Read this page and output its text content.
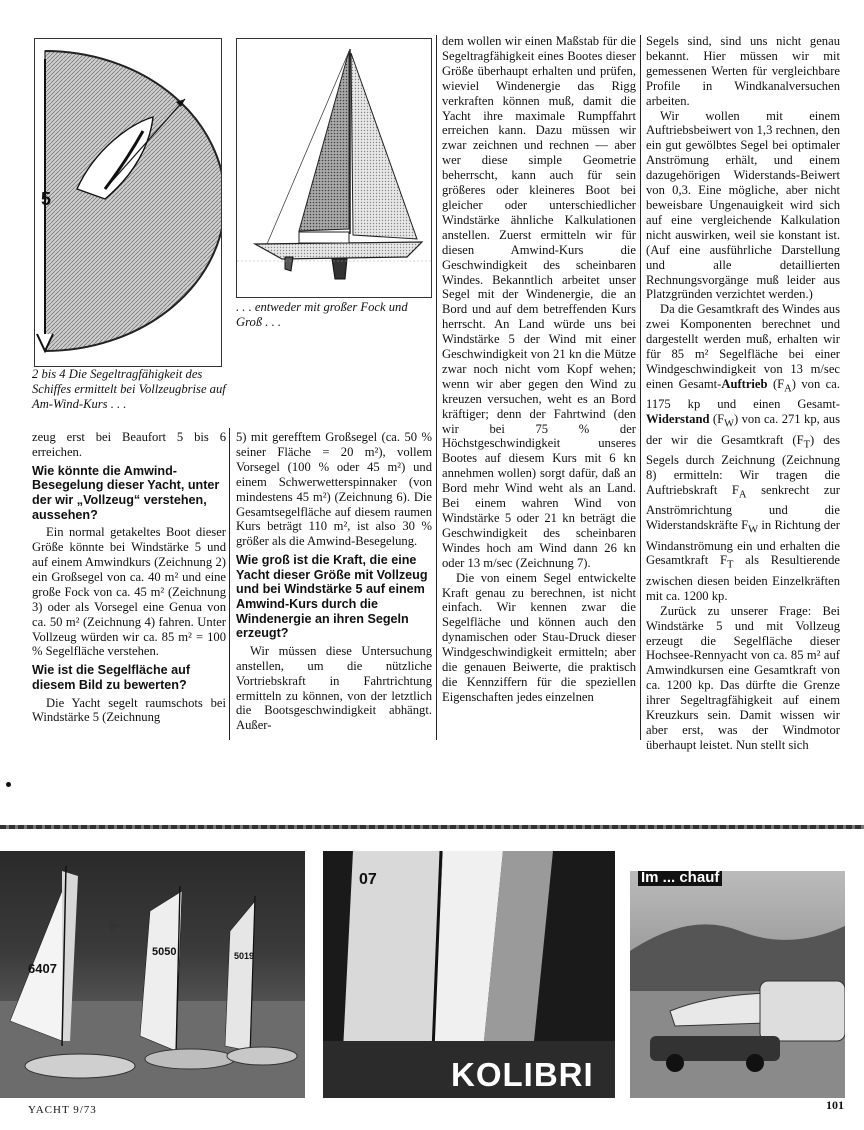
5
2 bis 4 Die Segeltragfähigkeit des Schiffes ermittelt bei Vollzeugbrise auf Am-Wind-Kurs . . .
. . . entweder mit großer Fock und Groß . . .

zeug erst bei Beaufort 5 bis 6 erreichen.

Wie könnte die Amwind-Besegelung dieser Yacht, unter der wir „Vollzeug“ verstehen, aussehen?

Ein normal getakeltes Boot dieser Größe könnte bei Windstärke 5 und auf einem Amwindkurs (Zeichnung 2) ein Großsegel von ca. 40 m² und eine große Fock von ca. 45 m² (Zeichnung 3) oder als Vorsegel eine Genua von ca. 50 m² (Zeichnung 4) fahren. Unter Vollzeug würden wir ca. 85 m² = 100 % Segelfläche verstehen.

Wie ist die Segelfläche auf diesem Bild zu bewerten?

Die Yacht segelt raumschots bei Windstärke 5 (Zeichnung

5) mit gerefftem Großsegel (ca. 50 % seiner Fläche = 20 m²), vollem Vorsegel (100 % oder 45 m²) und einem Schwerwetterspinnaker (von mindestens 45 m²) (Zeichnung 6). Die Gesamtsegelfläche auf diesem raumen Kurs beträgt 110 m², ist also 30 % größer als die Amwind-Besegelung.

Wie groß ist die Kraft, die eine Yacht dieser Größe mit Vollzeug und bei Windstärke 5 auf einem Amwind-Kurs durch die Windenergie an ihren Segeln erzeugt?

Wir müssen diese Untersuchung anstellen, um die nützliche Vortriebskraft in Fahrtrichtung ermitteln zu können, von der letztlich die Bootsgeschwindigkeit abhängt. Außer-

dem wollen wir einen Maßstab für die Segeltragfähigkeit eines Bootes dieser Größe überhaupt erhalten und prüfen, wieviel Windenergie das Rigg verkraften können muß, damit die Yacht ihre maximale Rumpffahrt erreichen kann. Dazu müssen wir zwar zeichnen und rechnen — aber wer diese simple Geometrie beherrscht, kann auch für sein größeres oder kleineres Boot bei gleicher oder unterschiedlicher Windstärke ähnliche Kalkulationen anstellen. Zuerst ermitteln wir für diesen Amwind-Kurs die Geschwindigkeit des scheinbaren Windes. Bekanntlich arbeitet unser Segel mit der Windenergie, die an Bord und auf dem betreffenden Kurs herrscht. An Land würde uns bei Windstärke 5 der Wind mit einer Geschwindigkeit von 21 kn die Mütze zwar noch nicht vom Kopf wehen; wenn wir aber gegen den Wind zu kreuzen versuchen, weht es an Bord kräftiger; denn der Fahrtwind (den wir bei 75 % der Höchstgeschwindigkeit unseres Bootes auf diesem Kurs mit 6 kn annehmen wollen) sorgt dafür, daß an Bord mehr Wind weht als an Land. Bei einem wahren Wind von Windstärke 5 oder 21 kn beträgt die Geschwindigkeit des scheinbaren Windes hoch am Wind dann 26 kn oder 13 m/sec (Zeichnung 7).

Die von einem Segel entwickelte Kraft genau zu berechnen, ist nicht einfach. Wir kennen zwar die Segelfläche und können auch den dynamischen oder Stau-Druck dieser Windgeschwindigkeit ermitteln; aber die genauen Beiwerte, die praktisch die Kennziffern für die speziellen Eigenschaften jedes einzelnen

Segels sind, sind uns nicht genau bekannt. Hier müssen wir mit gemessenen Werten für vergleichbare Profile in Windkanalversuchen arbeiten.

Wir wollen mit einem Auftriebsbeiwert von 1,3 rechnen, den ein gut gewölbtes Segel bei optimaler Anströmung erhält, und einem dazugehörigen Widerstands-Beiwert von 0,3. Eine mögliche, aber nicht beweisbare Ungenauigkeit wird sich auf eine vergleichende Kalkulation nicht auswirken, weil sie konstant ist. (Auf eine ausführliche Darstellung und alle detaillierten Rechnungsvorgänge muß leider aus Platzgründen verzichtet werden.)

Da die Gesamtkraft des Windes aus zwei Komponenten berechnet und dargestellt werden muß, erhalten wir für 85 m² Segelfläche bei einer Windgeschwindigkeit von 13 m/sec einen Gesamt-Auftrieb $(F_A)$ von ca. 1175 kp und einen Gesamt-Widerstand $(F_W)$ von ca. 271 kp, aus der wir die Gesamtkraft $(F_T)$ des Segels durch Zeichnung (Zeichnung 8) ermitteln: Wir tragen die Auftriebskraft $F_A$ senkrecht zur Anströmrichtung und die Widerstandskräfte $F_W$ in Richtung der Windanströmung ein und erhalten die Gesamtkraft $F_T$ als Resultierende zwischen diesen beiden Einzelkräften mit ca. 1200 kp.

Zurück zu unserer Frage: Bei Windstärke 5 und mit Vollzeug erzeugt die Segelfläche dieser Hochsee-Rennyacht von ca. 85 m² auf Amwindkursen eine Gesamtkraft von ca. 1200 kp. Das dürfte die Grenze ihrer Segeltragfähigkeit auf einem Kreuzkurs sein. Damit wissen wir aber erst, was der Windmotor überhaupt leistet. Nun stellt sich

6407
5050	5019
07
KOLIBRI
Im ... chauf
YACHT 9/73	101
